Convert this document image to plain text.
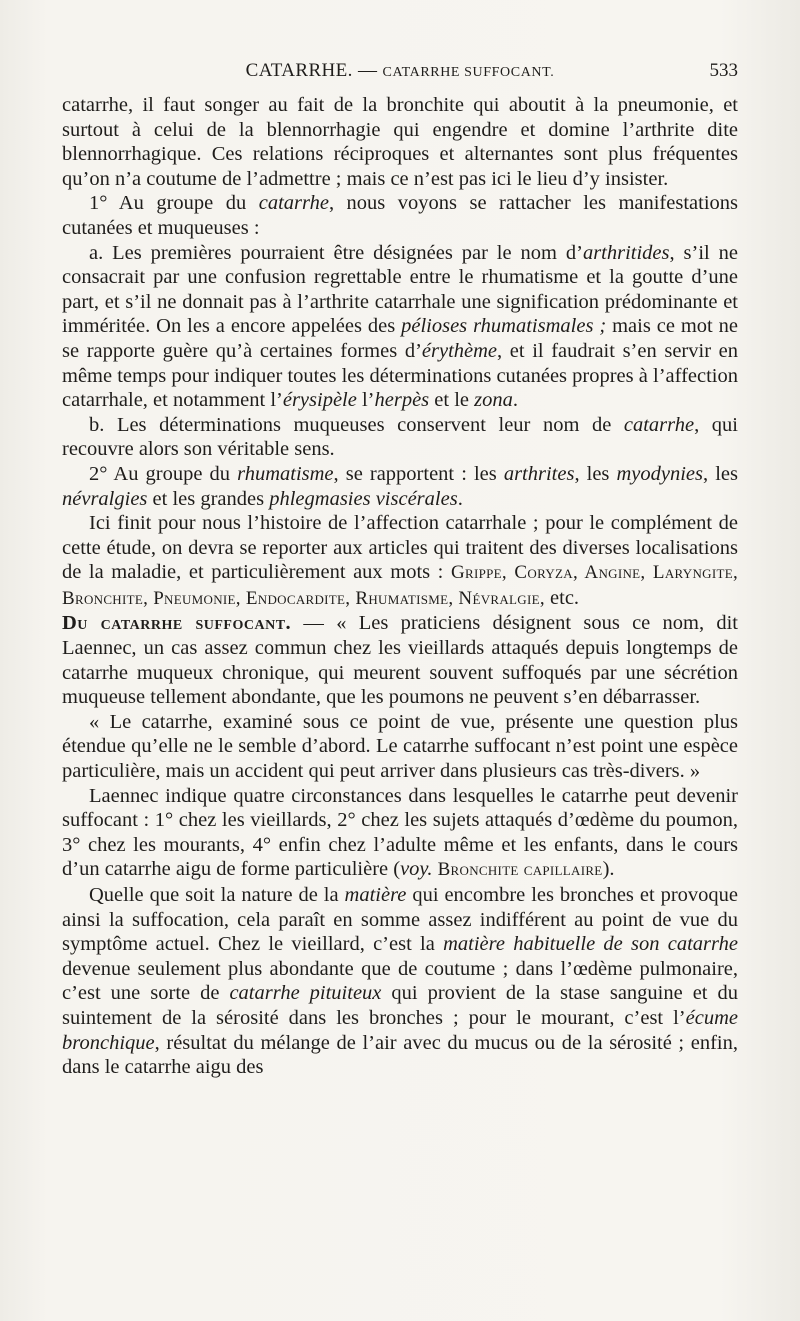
CATARRHE. — CATARRHE SUFFOCANT.	533

catarrhe, il faut songer au fait de la bronchite qui aboutit à la pneumonie, et surtout à celui de la blennorrhagie qui engendre et domine l’arthrite dite blennorrhagique. Ces relations réciproques et alternantes sont plus fréquentes qu’on n’a coutume de l’admettre ; mais ce n’est pas ici le lieu d’y insister.

1° Au groupe du catarrhe, nous voyons se rattacher les manifestations cutanées et muqueuses :

a. Les premières pourraient être désignées par le nom d’arthritides, s’il ne consacrait par une confusion regrettable entre le rhumatisme et la goutte d’une part, et s’il ne donnait pas à l’arthrite catarrhale une signification prédominante et imméritée. On les a encore appelées des pélioses rhumatismales ; mais ce mot ne se rapporte guère qu’à certaines formes d’érythème, et il faudrait s’en servir en même temps pour indiquer toutes les déterminations cutanées propres à l’affection catarrhale, et notamment l’érysipèle l’herpès et le zona.

b. Les déterminations muqueuses conservent leur nom de catarrhe, qui recouvre alors son véritable sens.

2° Au groupe du rhumatisme, se rapportent : les arthrites, les myodynies, les névralgies et les grandes phlegmasies viscérales.

Ici finit pour nous l’histoire de l’affection catarrhale ; pour le complément de cette étude, on devra se reporter aux articles qui traitent des diverses localisations de la maladie, et particulièrement aux mots : Grippe, Coryza, Angine, Laryngite, Bronchite, Pneumonie, Endocardite, Rhumatisme, Névralgie, etc.

Du catarrhe suffocant. — « Les praticiens désignent sous ce nom, dit Laennec, un cas assez commun chez les vieillards attaqués depuis longtemps de catarrhe muqueux chronique, qui meurent souvent suffoqués par une sécrétion muqueuse tellement abondante, que les poumons ne peuvent s’en débarrasser.

« Le catarrhe, examiné sous ce point de vue, présente une question plus étendue qu’elle ne le semble d’abord. Le catarrhe suffocant n’est point une espèce particulière, mais un accident qui peut arriver dans plusieurs cas très-divers. »

Laennec indique quatre circonstances dans lesquelles le catarrhe peut devenir suffocant : 1° chez les vieillards, 2° chez les sujets attaqués d’œdème du poumon, 3° chez les mourants, 4° enfin chez l’adulte même et les enfants, dans le cours d’un catarrhe aigu de forme particulière (voy. Bronchite capillaire).

Quelle que soit la nature de la matière qui encombre les bronches et provoque ainsi la suffocation, cela paraît en somme assez indifférent au point de vue du symptôme actuel. Chez le vieillard, c’est la matière habituelle de son catarrhe devenue seulement plus abondante que de coutume ; dans l’œdème pulmonaire, c’est une sorte de catarrhe pituiteux qui provient de la stase sanguine et du suintement de la sérosité dans les bronches ; pour le mourant, c’est l’écume bronchique, résultat du mélange de l’air avec du mucus ou de la sérosité ; enfin, dans le catarrhe aigu des
